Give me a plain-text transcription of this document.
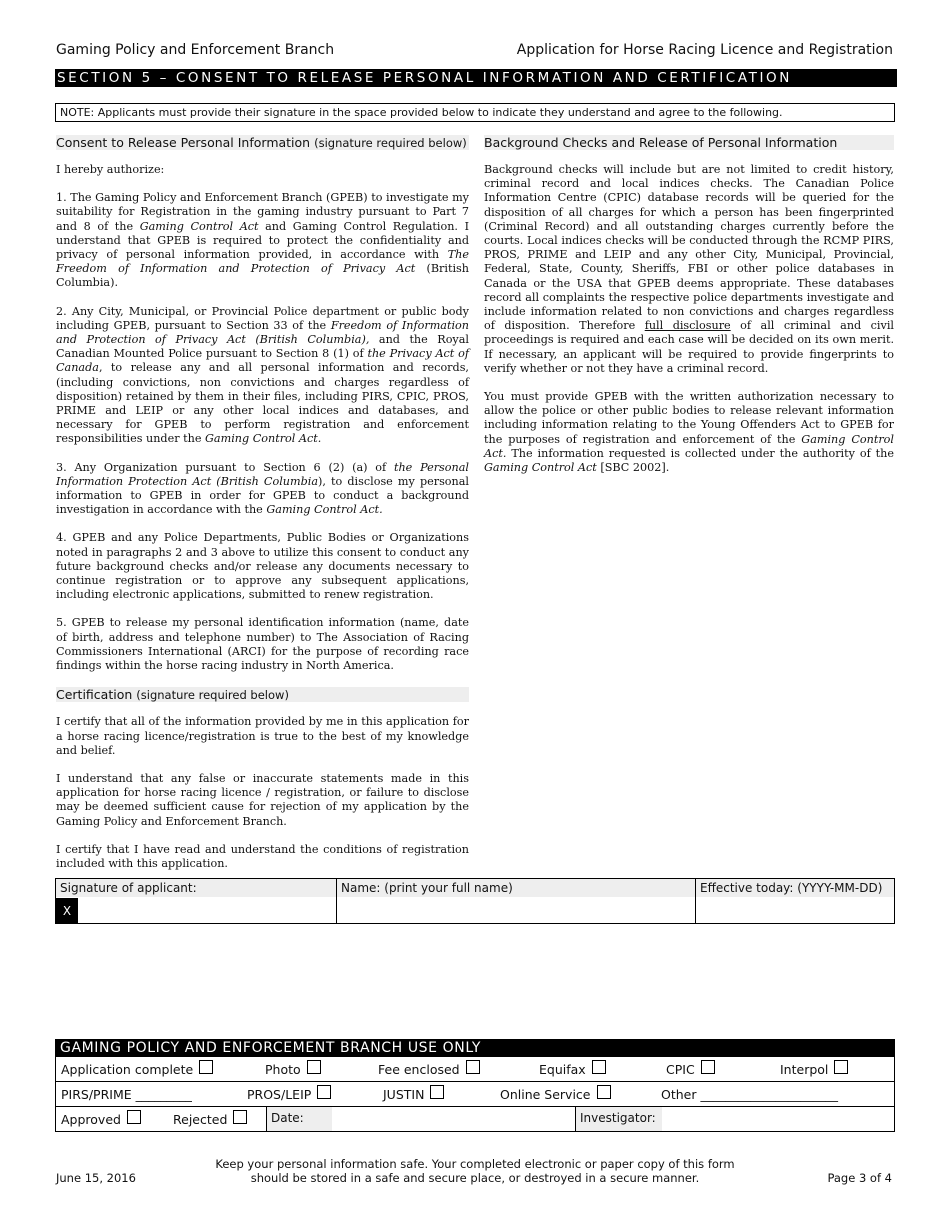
Gaming Policy and Enforcement Branch	Application for Horse Racing Licence and Registration
SECTION 5 – CONSENT TO RELEASE PERSONAL INFORMATION AND CERTIFICATION
NOTE: Applicants must provide their signature in the space provided below to indicate they understand and agree to the following.
Consent to Release Personal Information (signature required below)

I hereby authorize:

1. The Gaming Policy and Enforcement Branch (GPEB) to investigate my suitability for Registration in the gaming industry pursuant to Part 7 and 8 of the Gaming Control Act and Gaming Control Regulation. I understand that GPEB is required to protect the confidentiality and privacy of personal information provided, in accordance with The Freedom of Information and Protection of Privacy Act (British Columbia).

2. Any City, Municipal, or Provincial Police department or public body including GPEB, pursuant to Section 33 of the Freedom of Information and Protection of Privacy Act (British Columbia), and the Royal Canadian Mounted Police pursuant to Section 8 (1) of the Privacy Act of Canada, to release any and all personal information and records, (including convictions, non convictions and charges regardless of disposition) retained by them in their files, including PIRS, CPIC, PROS, PRIME and LEIP or any other local indices and databases, and necessary for GPEB to perform registration and enforcement responsibilities under the Gaming Control Act.

3. Any Organization pursuant to Section 6 (2) (a) of the Personal Information Protection Act (British Columbia), to disclose my personal information to GPEB in order for GPEB to conduct a background investigation in accordance with the Gaming Control Act.

4. GPEB and any Police Departments, Public Bodies or Organizations noted in paragraphs 2 and 3 above to utilize this consent to conduct any future background checks and/or release any documents necessary to continue registration or to approve any subsequent applications, including electronic applications, submitted to renew registration.

5. GPEB to release my personal identification information (name, date of birth, address and telephone number) to The Association of Racing Commissioners International (ARCI) for the purpose of recording race findings within the horse racing industry in North America.

Certification (signature required below)

I certify that all of the information provided by me in this application for a horse racing licence/registration is true to the best of my knowledge and belief.

I understand that any false or inaccurate statements made in this application for horse racing licence / registration, or failure to disclose may be deemed sufficient cause for rejection of my application by the Gaming Policy and Enforcement Branch.

I certify that I have read and understand the conditions of registration included with this application.

Background Checks and Release of Personal Information

Background checks will include but are not limited to credit history, criminal record and local indices checks. The Canadian Police Information Centre (CPIC) database records will be queried for the disposition of all charges for which a person has been fingerprinted (Criminal Record) and all outstanding charges currently before the courts. Local indices checks will be conducted through the RCMP PIRS, PROS, PRIME and LEIP and any other City, Municipal, Provincial, Federal, State, County, Sheriffs, FBI or other police databases in Canada or the USA that GPEB deems appropriate. These databases record all complaints the respective police departments investigate and include information related to non convictions and charges regardless of disposition. Therefore full disclosure of all criminal and civil proceedings is required and each case will be decided on its own merit. If necessary, an applicant will be required to provide fingerprints to verify whether or not they have a criminal record.

You must provide GPEB with the written authorization necessary to allow the police or other public bodies to release relevant information including information relating to the Young Offenders Act to GPEB for the purposes of registration and enforcement of the Gaming Control Act. The information requested is collected under the authority of the Gaming Control Act [SBC 2002].

Signature of applicant:
X
Name: (print your full name)	Effective today: (YYYY-MM-DD)
GAMING POLICY AND ENFORCEMENT BRANCH USE ONLY
Application complete	Photo	Fee enclosed	Equifax	CPIC	Interpol
PIRS/PRIME _________	PROS/LEIP	JUSTIN	Online Service	Other ______________________
Approved	Rejected	Date:	Investigator:
June 15, 2016
Keep your personal information safe. Your completed electronic or paper copy of this form
should be stored in a safe and secure place, or destroyed in a secure manner.	Page 3 of 4
